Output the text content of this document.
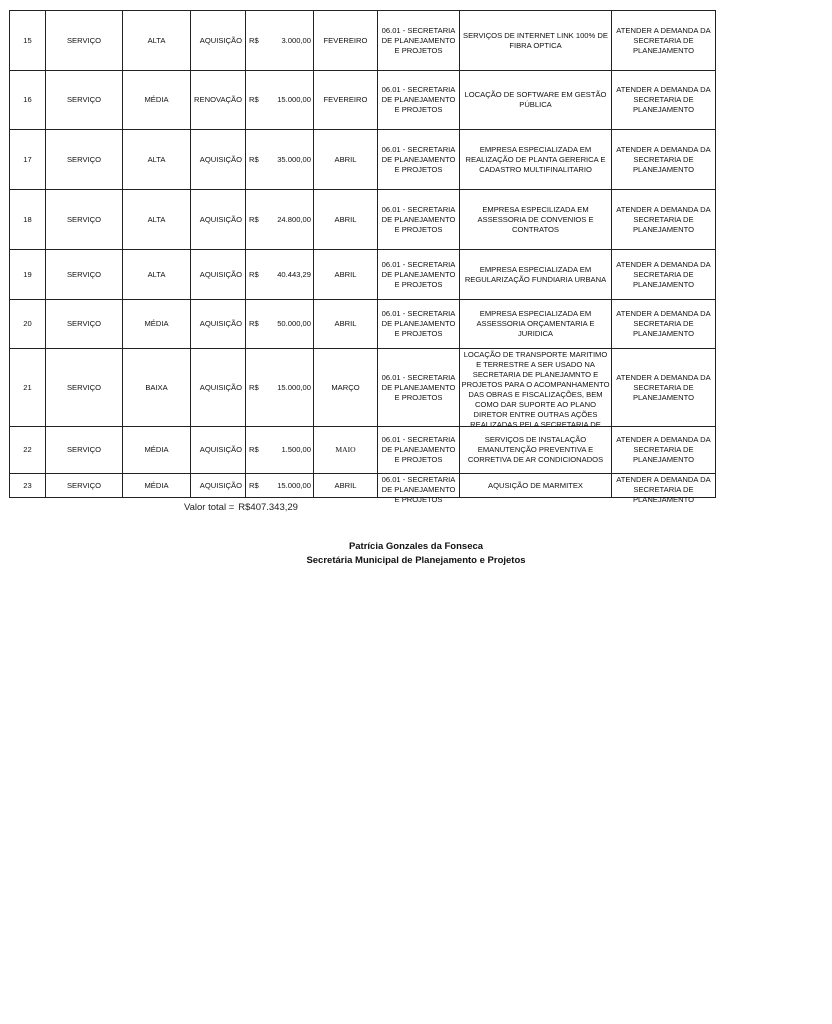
15	SERVIÇO	ALTA	AQUISIÇÃO	R$	3.000,00	FEVEREIRO	06.01 - SECRETARIA DE PLANEJAMENTO E PROJETOS	SERVIÇOS DE INTERNET LINK 100% DE FIBRA OPTICA	ATENDER A DEMANDA DA SECRETARIA DE PLANEJAMENTO

16	SERVIÇO	MÉDIA	RENOVAÇÃO	R$	15.000,00	FEVEREIRO	06.01 - SECRETARIA DE PLANEJAMENTO E PROJETOS	LOCAÇÃO DE SOFTWARE EM GESTÃO PÚBLICA	ATENDER A DEMANDA DA SECRETARIA DE PLANEJAMENTO

17	SERVIÇO	ALTA	AQUISIÇÃO	R$	35.000,00	ABRIL	06.01 - SECRETARIA DE PLANEJAMENTO E PROJETOS	EMPRESA ESPECIALIZADA EM REALIZAÇÃO DE PLANTA GERERICA E CADASTRO MULTIFINALITARIO	ATENDER A DEMANDA DA SECRETARIA DE PLANEJAMENTO

18	SERVIÇO	ALTA	AQUISIÇÃO	R$	24.800,00	ABRIL	06.01 - SECRETARIA DE PLANEJAMENTO E PROJETOS	EMPRESA ESPECILIZADA EM ASSESSORIA DE CONVENIOS E CONTRATOS	ATENDER A DEMANDA DA SECRETARIA DE PLANEJAMENTO

19	SERVIÇO	ALTA	AQUISIÇÃO	R$	40.443,29	ABRIL	06.01 - SECRETARIA DE PLANEJAMENTO E PROJETOS	EMPRESA ESPECIALIZADA EM REGULARIZAÇÃO FUNDIARIA URBANA	ATENDER A DEMANDA DA SECRETARIA DE PLANEJAMENTO

20	SERVIÇO	MÉDIA	AQUISIÇÃO	R$	50.000,00	ABRIL	06.01 - SECRETARIA DE PLANEJAMENTO E PROJETOS	EMPRESA ESPECIALIZADA EM ASSESSORIA ORÇAMENTARIA E JURIDICA	ATENDER A DEMANDA DA SECRETARIA DE PLANEJAMENTO

21	SERVIÇO	BAIXA	AQUISIÇÃO	R$	15.000,00	MARÇO	06.01 - SECRETARIA DE PLANEJAMENTO E PROJETOS	LOCAÇÃO DE TRANSPORTE MARITIMO E TERRESTRE A SER USADO NA SECRETARIA DE PLANEJAMNTO E PROJETOS PARA O ACOMPANHAMENTO DAS OBRAS E FISCALIZAÇÕES, BEM COMO DAR SUPORTE AO PLANO DIRETOR ENTRE OUTRAS AÇÕES REALIZADAS PELA SECRETARIA DE	ATENDER A DEMANDA DA SECRETARIA DE PLANEJAMENTO

22	SERVIÇO	MÉDIA	AQUISIÇÃO	R$	1.500,00	MAIO	06.01 - SECRETARIA DE PLANEJAMENTO E PROJETOS	SERVIÇOS DE INSTALAÇÃO EMANUTENÇÃO PREVENTIVA E CORRETIVA DE AR CONDICIONADOS	ATENDER A DEMANDA DA SECRETARIA DE PLANEJAMENTO

23	SERVIÇO	MÉDIA	AQUISIÇÃO	R$	15.000,00	ABRIL	06.01 - SECRETARIA DE PLANEJAMENTO E PROJETOS	AQUSIÇÃO DE MARMITEX	ATENDER A DEMANDA DA SECRETARIA DE PLANEJAMENTO
Valor total = R$407.343,29
Patrícia Gonzales da Fonseca
Secretária Municipal de Planejamento e Projetos
